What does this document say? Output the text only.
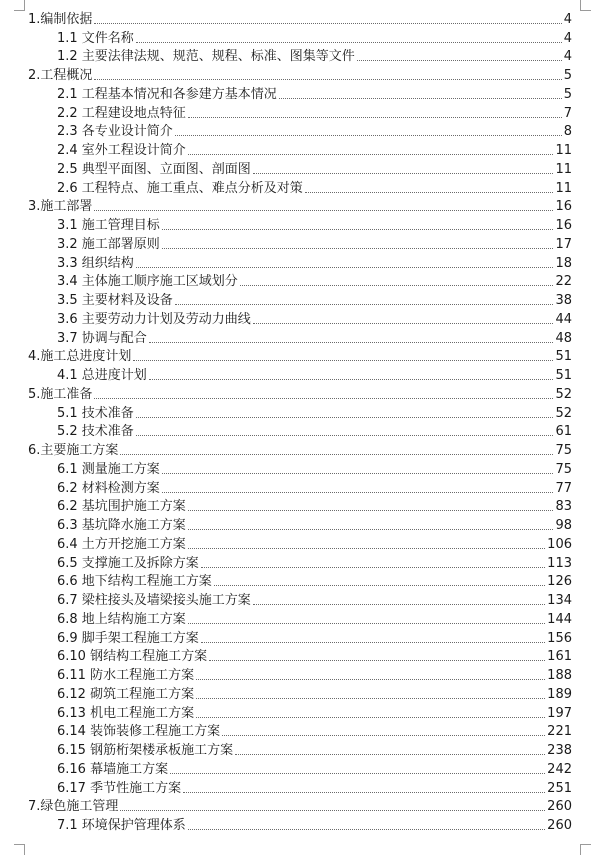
1.编制依据	4
1.1 文件名称	4
1.2 主要法律法规、规范、规程、标准、图集等文件	4
2.工程概况	5
2.1 工程基本情况和各参建方基本情况	5
2.2 工程建设地点特征	7
2.3 各专业设计简介	8
2.4 室外工程设计简介	11
2.5 典型平面图、立面图、剖面图	11
2.6 工程特点、施工重点、难点分析及对策	11
3.施工部署	16
3.1 施工管理目标	16
3.2 施工部署原则	17
3.3 组织结构	18
3.4 主体施工顺序施工区域划分	22
3.5 主要材料及设备	38
3.6 主要劳动力计划及劳动力曲线	44
3.7 协调与配合	48
4.施工总进度计划	51
4.1 总进度计划	51
5.施工准备	52
5.1 技术准备	52
5.2 技术准备	61
6.主要施工方案	75
6.1 测量施工方案	75
6.2 材料检测方案	77
6.2 基坑围护施工方案	83
6.3 基坑降水施工方案	98
6.4 土方开挖施工方案	106
6.5 支撑施工及拆除方案	113
6.6 地下结构工程施工方案	126
6.7 梁柱接头及墙梁接头施工方案	134
6.8 地上结构施工方案	144
6.9 脚手架工程施工方案	156
6.10 钢结构工程施工方案	161
6.11 防水工程施工方案	188
6.12 砌筑工程施工方案	189
6.13 机电工程施工方案	197
6.14 装饰装修工程施工方案	221
6.15 钢筋桁架楼承板施工方案	238
6.16 幕墙施工方案	242
6.17 季节性施工方案	251
7.绿色施工管理	260
7.1 环境保护管理体系	260
